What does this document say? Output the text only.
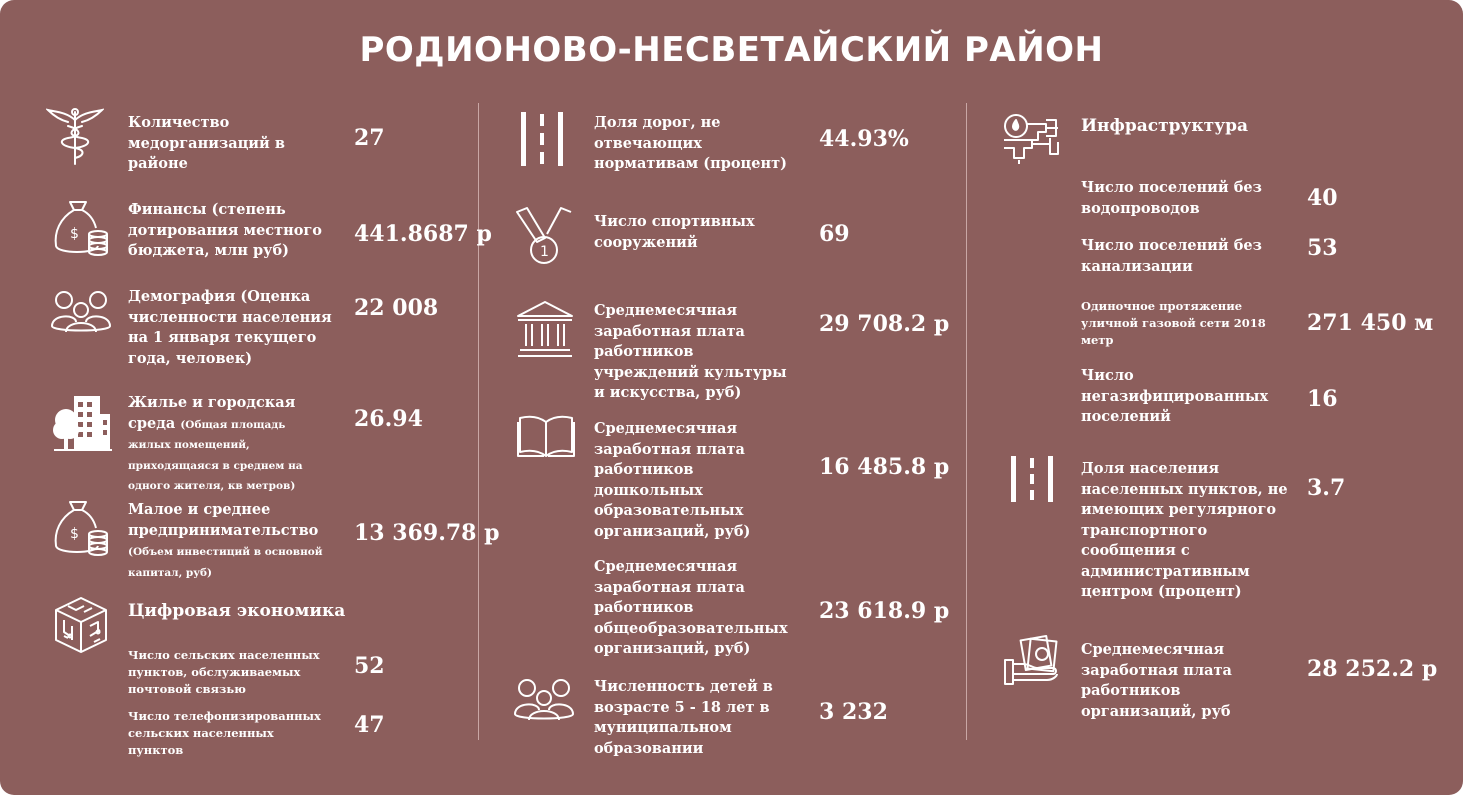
РОДИОНОВО-НЕСВЕТАЙСКИЙ РАЙОН
Количество медорганизаций в районе
27
$
Финансы (степень дотирования местного бюджета, млн руб)
441.8687 р
Демография (Оценка численности населения на 1 января текущего года, человек)
22 008
Жилье и городская среда (Общая площадь жилых помещений, приходящаяся в среднем на одного жителя, кв метров)
26.94
$
Малое и среднее предпринимательство
(Объем инвестиций в основной капитал, руб)
13 369.78 р
Цифровая экономика
Число сельских населенных пунктов, обслуживаемых почтовой связью
52
Число телефонизированных сельских населенных пунктов
47
Доля дорог, не отвечающих нормативам (процент)
44.93%
1
Число спортивных сооружений	69
Среднемесячная заработная плата работников учреждений культуры и искусства, руб)
29 708.2 р
Среднемесячная заработная плата работников дошкольных образовательных организаций, руб)
16 485.8 р
Среднемесячная заработная плата работников общеобразовательных организаций, руб)
23 618.9 р
Численность детей в возрасте 5 - 18 лет в муниципальном образовании
3 232
Инфраструктура
Число поселений без водопроводов	40
Число поселений без канализации
53
Одиночное протяжение уличной газовой сети 2018 метр
271 450 м
Число негазифицированных поселений
16
Доля населения населенных пунктов, не имеющих регулярного транспортного сообщения с административным центром (процент)
3.7
Среднемесячная заработная плата работников организаций, руб
28 252.2 р
